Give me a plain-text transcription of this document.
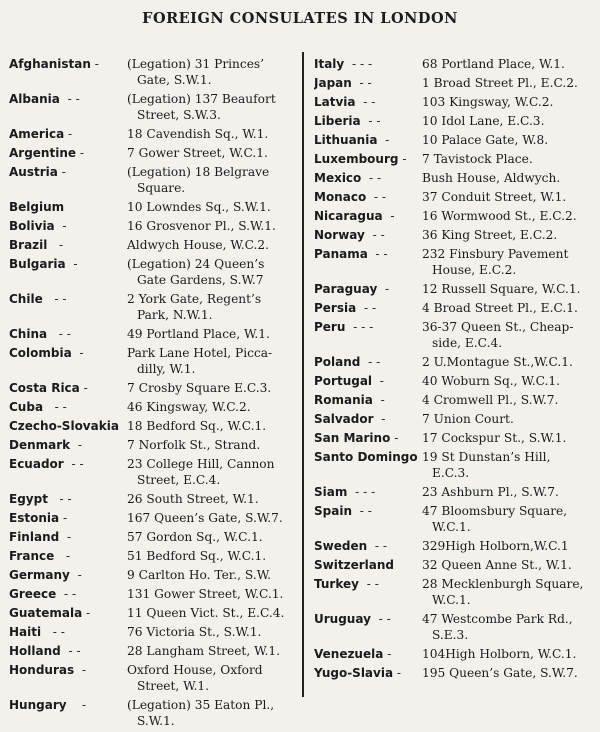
FOREIGN CONSULATES IN LONDON
Afghanistan - (Legation) 31 Princes’
Gate, S.W.1.
Albania - -	(Legation) 137 Beaufort
Street, S.W.3.
America -	18 Cavendish Sq., W.1.
Argentine -	7 Gower Street, W.C.1.
Austria -	(Legation) 18 Belgrave
Square.
Belgium	10 Lowndes Sq., S.W.1.
Bolivia -	16 Grosvenor Pl., S.W.1.
Brazil -	Aldwych House, W.C.2.
Bulgaria -	(Legation) 24 Queen’s
Gate Gardens, S.W.7
Chile - -	2 York Gate, Regent’s
Park, N.W.1.
China - -	49 Portland Place, W.1.
Colombia -	Park Lane Hotel, Picca-
dilly, W.1.
Costa Rica -	7 Crosby Square E.C.3.
Cuba - -	46 Kingsway, W.C.2.
Czecho-Slovakia 18 Bedford Sq., W.C.1.
Denmark -	7 Norfolk St., Strand.
Ecuador - -	23 College Hill, Cannon
Street, E.C.4.
Egypt - -	26 South Street, W.1.
Estonia -	167 Queen’s Gate, S.W.7.
Finland -	57 Gordon Sq., W.C.1.
France -	51 Bedford Sq., W.C.1.
Germany -	9 Carlton Ho. Ter., S.W.
Greece - -	131 Gower Street, W.C.1.
Guatemala -	11 Queen Vict. St., E.C.4.
Haiti - -	76 Victoria St., S.W.1.
Holland - -	28 Langham Street, W.1.
Honduras -	Oxford House, Oxford
Street, W.1.
Hungary -	(Legation) 35 Eaton Pl.,
S.W.1.
Italy - - -	68 Portland Place, W.1.
Japan - -	1 Broad Street Pl., E.C.2.
Latvia - -	103 Kingsway, W.C.2.
Liberia - -	10 Idol Lane, E.C.3.
Lithuania - 10 Palace Gate, W.8.
Luxembourg - 7 Tavistock Place.
Mexico - -	Bush House, Aldwych.
Monaco - -	37 Conduit Street, W.1.
Nicaragua - 16 Wormwood St., E.C.2.
Norway - -	36 King Street, E.C.2.
Panama - - 232 Finsbury Pavement
House, E.C.2.
Paraguay - 12 Russell Square, W.C.1.
Persia - -	4 Broad Street Pl., E.C.1.
Peru - - -	36-37 Queen St., Cheap-
side, E.C.4.
Poland - -	2 U.Montague St.,W.C.1.
Portugal -	40 Woburn Sq., W.C.1.
Romania -	4 Cromwell Pl., S.W.7.
Salvador -	7 Union Court.
San Marino - 17 Cockspur St., S.W.1.
Santo Domingo 19 St Dunstan’s Hill,
E.C.3.
Siam - - -	23 Ashburn Pl., S.W.7.
Spain - -	47 Bloomsbury Square,
W.C.1.
Sweden - -	329High Holborn,W.C.1
Switzerland 32 Queen Anne St., W.1.
Turkey - -	28 Mecklenburgh Square,
W.C.1.
Uruguay - - 47 Westcombe Park Rd.,
S.E.3.
Venezuela - 104High Holborn, W.C.1.
Yugo-Slavia - 195 Queen’s Gate, S.W.7.
